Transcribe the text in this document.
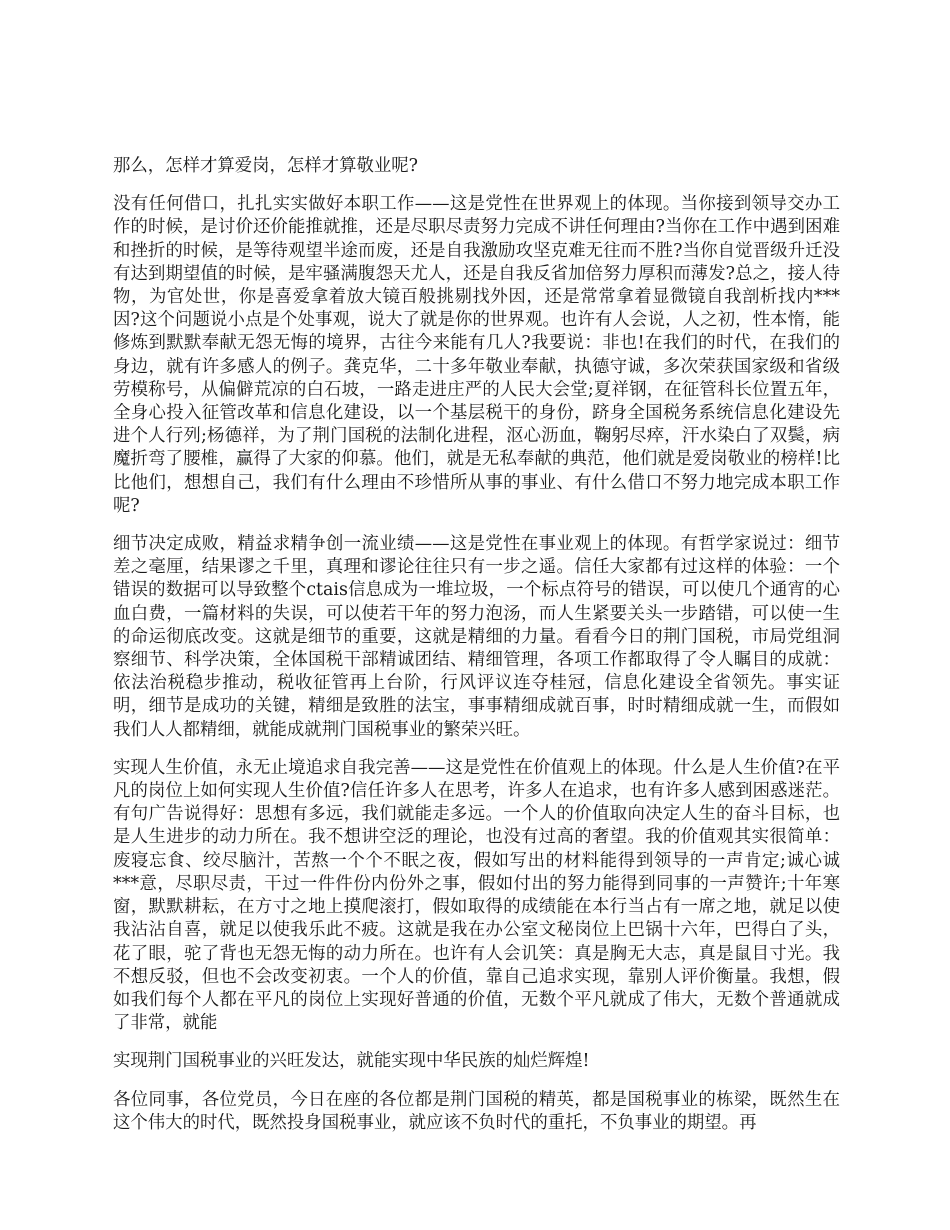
那么，怎样才算爱岗，怎样才算敬业呢?

没有任何借口，扎扎实实做好本职工作——这是党性在世界观上的体现。当你接到领导交办工作的时候，是讨价还价能推就推，还是尽职尽责努力完成不讲任何理由?当你在工作中遇到困难和挫折的时候，是等待观望半途而废，还是自我激励攻坚克难无往而不胜?当你自觉晋级升迁没有达到期望值的时候，是牢骚满腹怨天尤人，还是自我反省加倍努力厚积而薄发?总之，接人待物，为官处世，你是喜爱拿着放大镜百般挑剔找外因，还是常常拿着显微镜自我剖析找内***因?这个问题说小点是个处事观，说大了就是你的世界观。也许有人会说，人之初，性本惰，能修炼到默默奉献无怨无悔的境界，古往今来能有几人?我要说：非也!在我们的时代，在我们的身边，就有许多感人的例子。龚克华，二十多年敬业奉献，执德守诚，多次荣获国家级和省级劳模称号，从偏僻荒凉的白石坡，一路走进庄严的人民大会堂;夏祥钢，在征管科长位置五年，全身心投入征管改革和信息化建设，以一个基层税干的身份，跻身全国税务系统信息化建设先进个人行列;杨德祥，为了荆门国税的法制化进程，沤心沥血，鞠躬尽瘁，汗水染白了双鬓，病魔折弯了腰椎，赢得了大家的仰慕。他们，就是无私奉献的典范，他们就是爱岗敬业的榜样!比比他们，想想自己，我们有什么理由不珍惜所从事的事业、有什么借口不努力地完成本职工作呢?

细节决定成败，精益求精争创一流业绩——这是党性在事业观上的体现。有哲学家说过：细节差之毫厘，结果谬之千里，真理和谬论往往只有一步之遥。信任大家都有过这样的体验：一个错误的数据可以导致整个ctais信息成为一堆垃圾，一个标点符号的错误，可以使几个通宵的心血白费，一篇材料的失误，可以使若干年的努力泡汤，而人生紧要关头一步踏错，可以使一生的命运彻底改变。这就是细节的重要，这就是精细的力量。看看今日的荆门国税，市局党组洞察细节、科学决策，全体国税干部精诚团结、精细管理，各项工作都取得了令人瞩目的成就：依法治税稳步推动，税收征管再上台阶，行风评议连夺桂冠，信息化建设全省领先。事实证明，细节是成功的关键，精细是致胜的法宝，事事精细成就百事，时时精细成就一生，而假如我们人人都精细，就能成就荆门国税事业的繁荣兴旺。

实现人生价值，永无止境追求自我完善——这是党性在价值观上的体现。什么是人生价值?在平凡的岗位上如何实现人生价值?信任许多人在思考，许多人在追求，也有许多人感到困惑迷茫。有句广告说得好：思想有多远，我们就能走多远。一个人的价值取向决定人生的奋斗目标，也是人生进步的动力所在。我不想讲空泛的理论，也没有过高的奢望。我的价值观其实很简单：废寝忘食、绞尽脑汁，苦熬一个个不眠之夜，假如写出的材料能得到领导的一声肯定;诚心诚***意，尽职尽责，干过一件件份内份外之事，假如付出的努力能得到同事的一声赞许;十年寒窗，默默耕耘，在方寸之地上摸爬滚打，假如取得的成绩能在本行当占有一席之地，就足以使我沾沾自喜，就足以使我乐此不疲。这就是我在办公室文秘岗位上巴锅十六年，巴得白了头，花了眼，驼了背也无怨无悔的动力所在。也许有人会讥笑：真是胸无大志，真是鼠目寸光。我不想反驳，但也不会改变初衷。一个人的价值，靠自己追求实现，靠别人评价衡量。我想，假如我们每个人都在平凡的岗位上实现好普通的价值，无数个平凡就成了伟大，无数个普通就成了非常，就能

实现荆门国税事业的兴旺发达，就能实现中华民族的灿烂辉煌!

各位同事，各位党员，今日在座的各位都是荆门国税的精英，都是国税事业的栋梁，既然生在这个伟大的时代，既然投身国税事业，就应该不负时代的重托，不负事业的期望。再
